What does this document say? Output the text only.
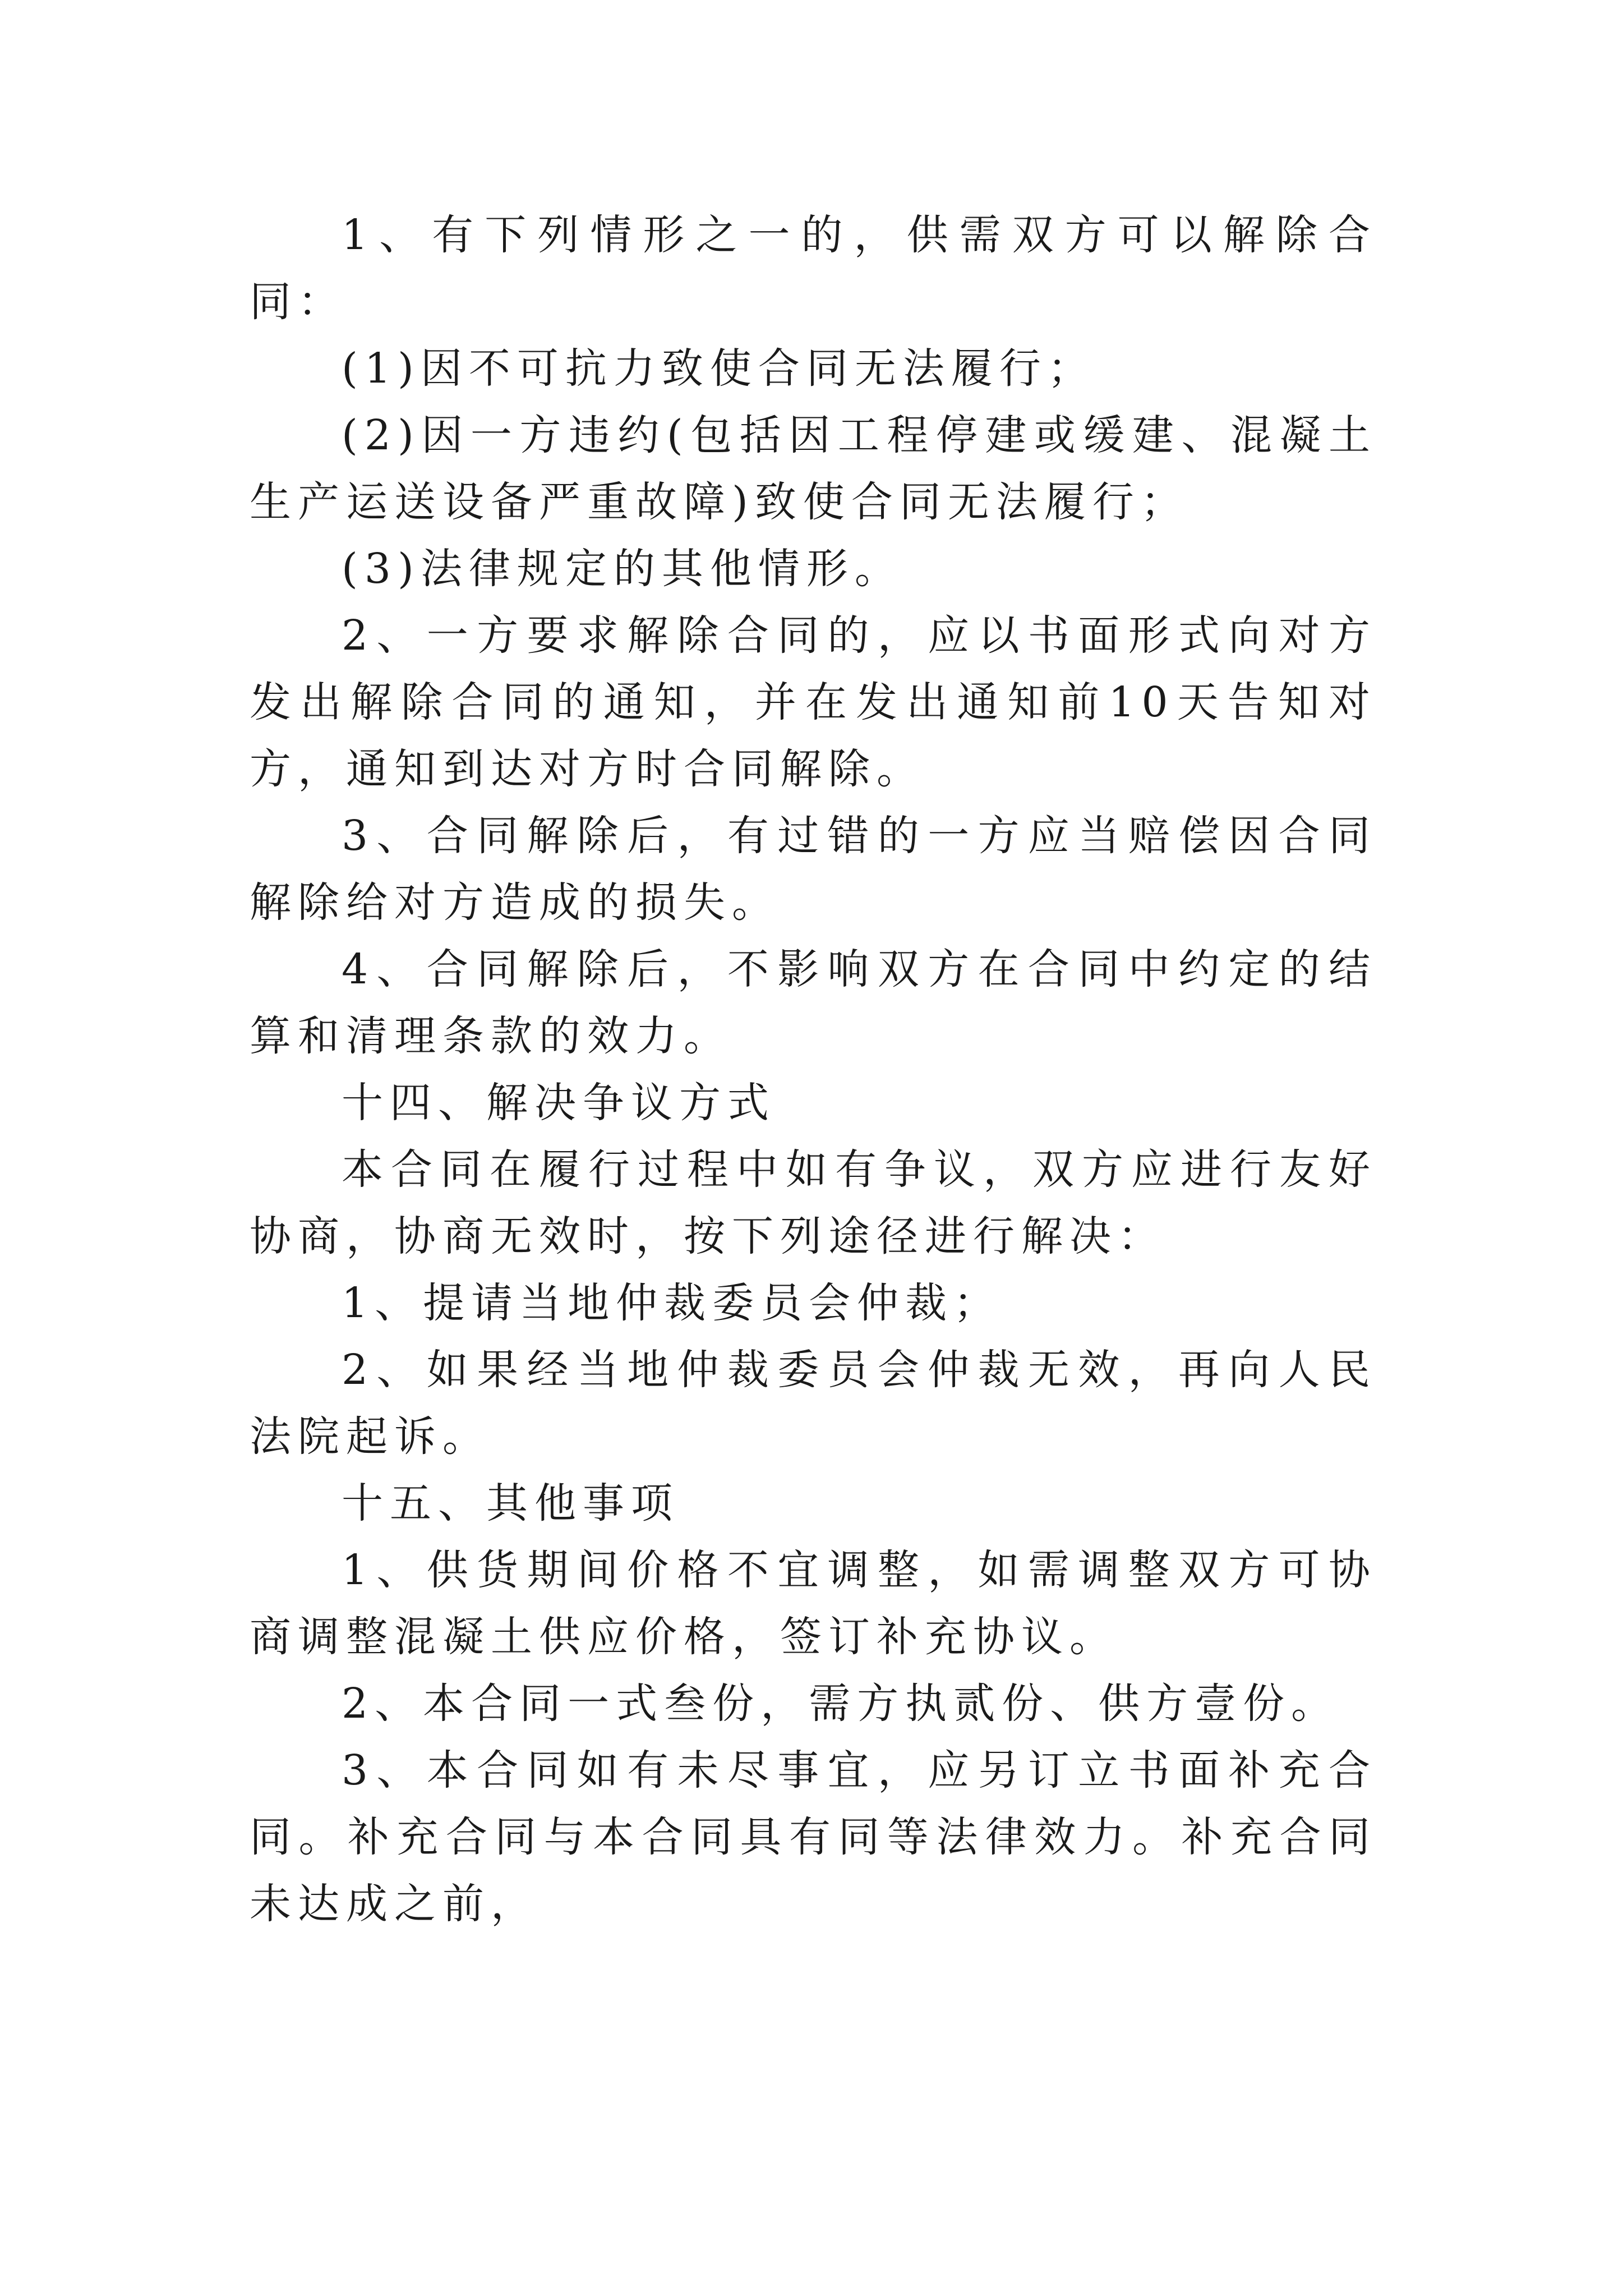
1、有下列情形之一的，供需双方可以解除合同：

(1)因不可抗力致使合同无法履行；

(2)因一方违约(包括因工程停建或缓建、混凝土生产运送设备严重故障)致使合同无法履行；

(3)法律规定的其他情形。

2、一方要求解除合同的，应以书面形式向对方发出解除合同的通知，并在发出通知前10天告知对方，通知到达对方时合同解除。

3、合同解除后，有过错的一方应当赔偿因合同解除给对方造成的损失。

4、合同解除后，不影响双方在合同中约定的结算和清理条款的效力。

十四、解决争议方式

本合同在履行过程中如有争议，双方应进行友好协商，协商无效时，按下列途径进行解决：

1、提请当地仲裁委员会仲裁；

2、如果经当地仲裁委员会仲裁无效，再向人民法院起诉。

十五、其他事项

1、供货期间价格不宜调整，如需调整双方可协商调整混凝土供应价格，签订补充协议。

2、本合同一式叁份，需方执贰份、供方壹份。

3、本合同如有未尽事宜，应另订立书面补充合同。补充合同与本合同具有同等法律效力。补充合同未达成之前，
